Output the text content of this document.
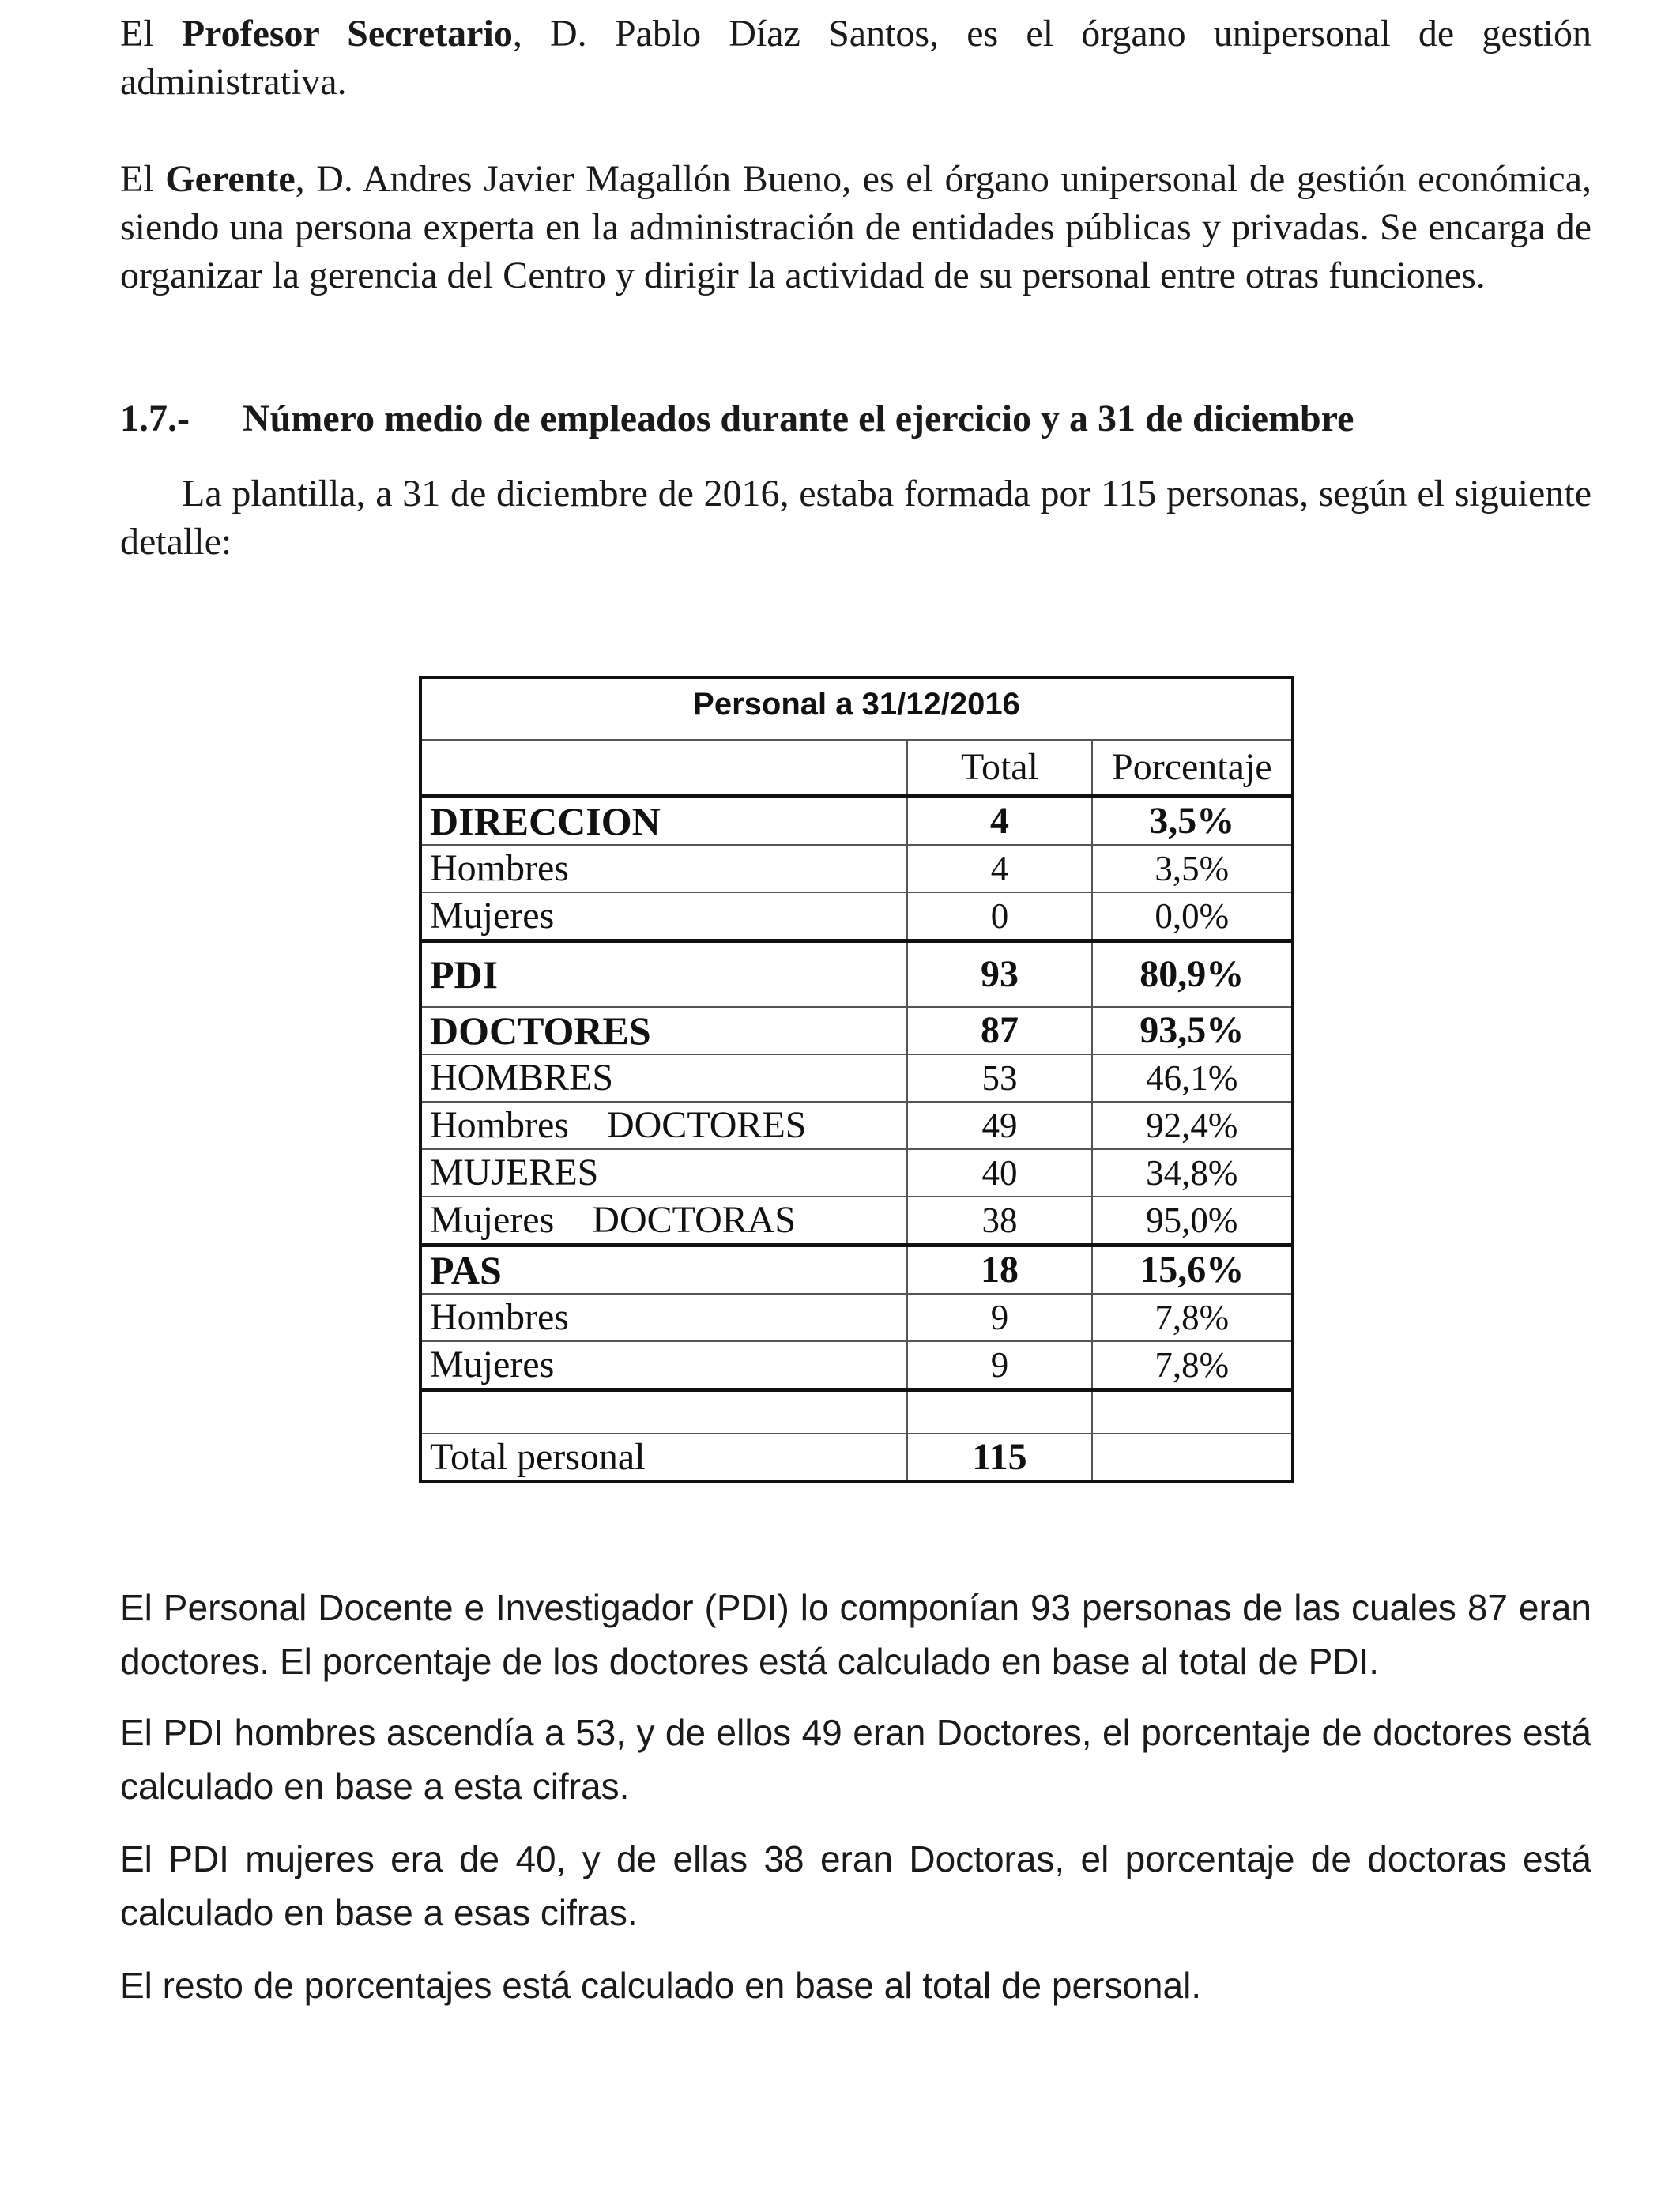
El Profesor Secretario, D. Pablo Díaz Santos, es el órgano unipersonal de gestión administrativa.

El Gerente, D. Andres Javier Magallón Bueno, es el órgano unipersonal de gestión económica, siendo una persona experta en la administración de entidades públicas y privadas. Se encarga de organizar la gerencia del Centro y dirigir la actividad de su personal entre otras funciones.

1.7.- Número medio de empleados durante el ejercicio y a 31 de diciembre

La plantilla, a 31 de diciembre de 2016, estaba formada por 115 personas, según el siguiente detalle:

Personal a 31/12/2016		
	Total	Porcentaje
DIRECCION	4	3,5%
Hombres	4	3,5%
Mujeres	0	0,0%
PDI	93	80,9%
DOCTORES	87	93,5%
HOMBRES	53	46,1%
Hombres    DOCTORES	49	92,4%
MUJERES	40	34,8%
Mujeres    DOCTORAS	38	95,0%
PAS	18	15,6%
Hombres	9	7,8%
Mujeres	9	7,8%

Total personal	115	

El Personal Docente e Investigador (PDI) lo componían 93 personas de las cuales 87 eran doctores. El porcentaje de los doctores está calculado en base al total de PDI.

El PDI hombres ascendía a 53, y de ellos 49 eran Doctores, el porcentaje de doctores está calculado en base a esta cifras.

El PDI mujeres era de 40, y de ellas 38 eran Doctoras, el porcentaje de doctoras está calculado en base a esas cifras.

El resto de porcentajes está calculado en base al total de personal.
